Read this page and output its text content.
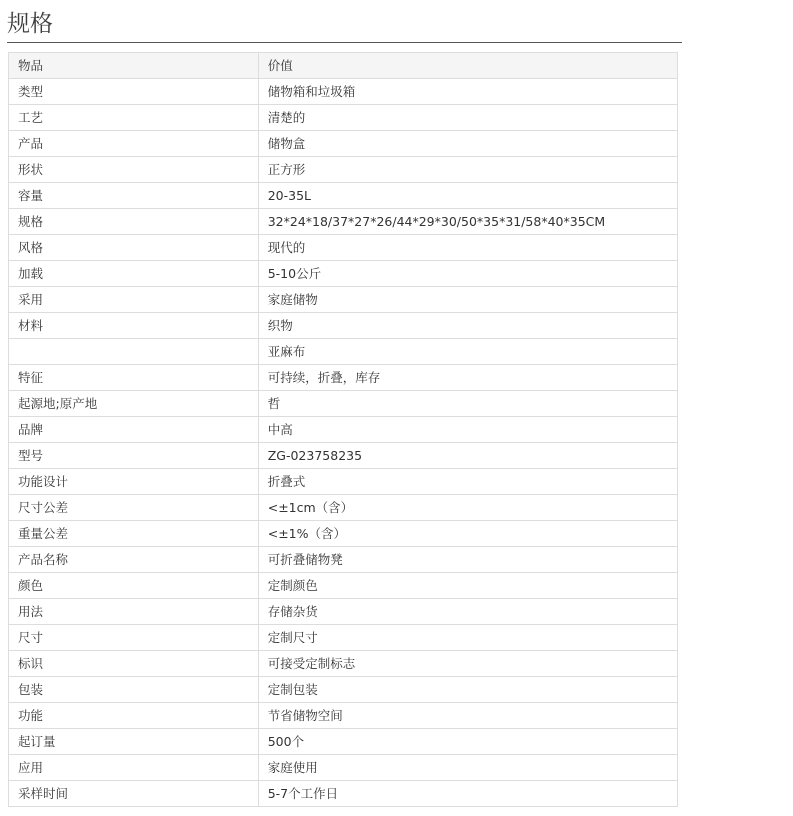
规格
物品	价值
类型	储物箱和垃圾箱
工艺	清楚的
产品	储物盒
形状	正方形
容量	20-35L
规格	32*24*18/37*27*26/44*29*30/50*35*31/58*40*35CM
风格	现代的
加载	5-10公斤
采用	家庭储物
材料	织物
	亚麻布
特征	可持续，折叠，库存
起源地;原产地	哲
品牌	中高
型号	ZG-023758235
功能设计	折叠式
尺寸公差	<±1cm（含）
重量公差	<±1%（含）
产品名称	可折叠储物凳
颜色	定制颜色
用法	存储杂货
尺寸	定制尺寸
标识	可接受定制标志
包装	定制包装
功能	节省储物空间
起订量	500个
应用	家庭使用
采样时间	5-7个工作日
